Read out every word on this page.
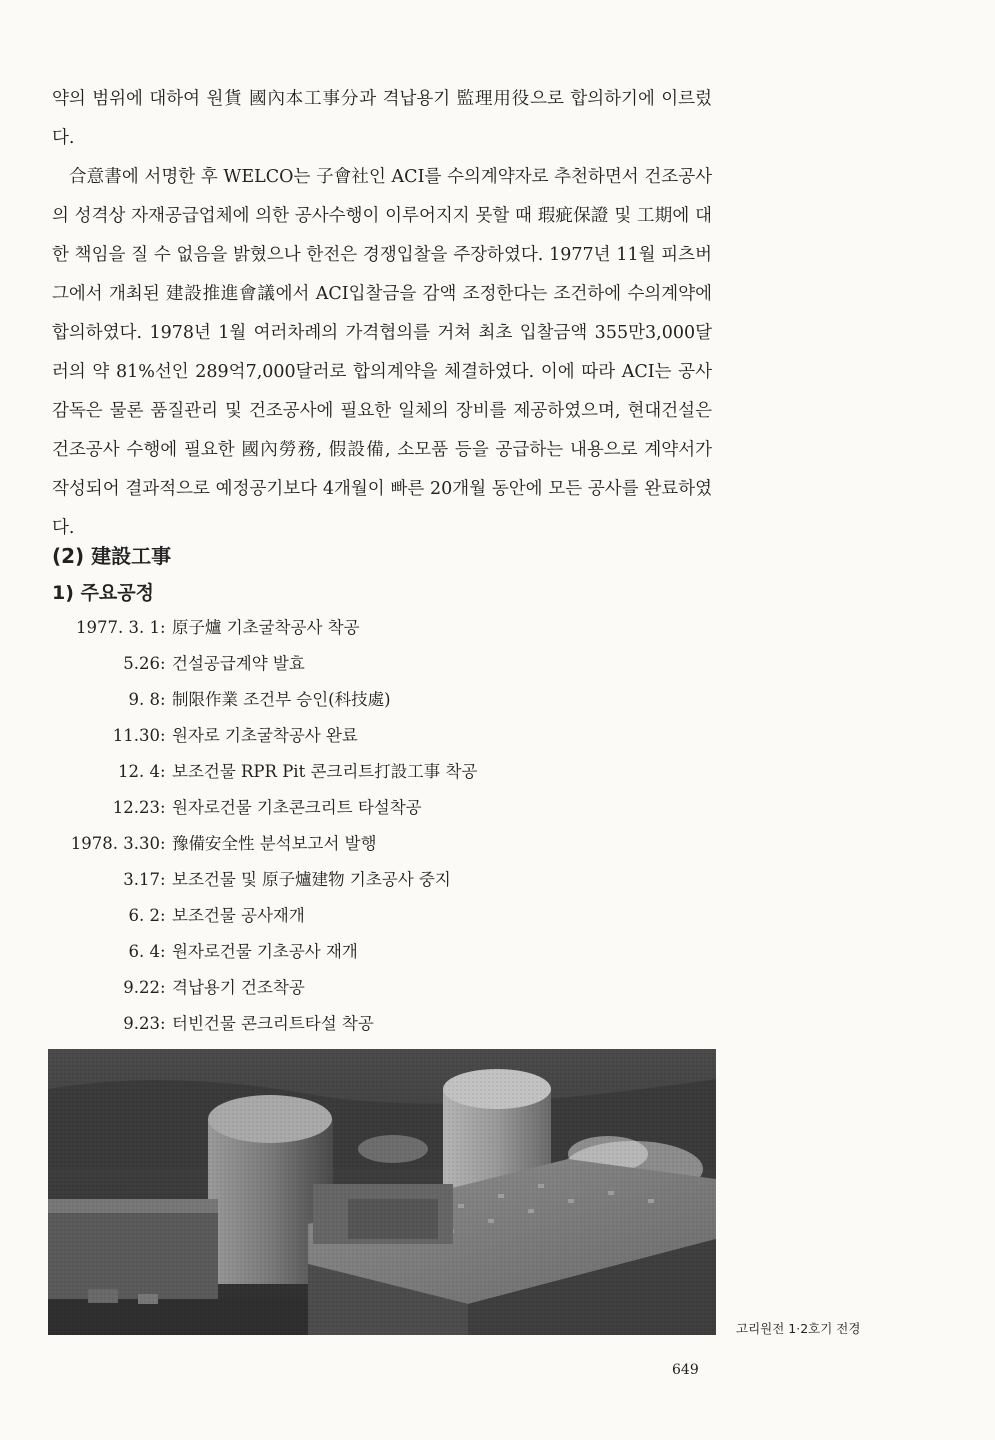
약의 범위에 대하여 원貨 國內本工事分과 격납용기 監理用役으로 합의하기에 이르렀다.

合意書에 서명한 후 WELCO는 子會社인 ACI를 수의계약자로 추천하면서 건조공사의 성격상 자재공급업체에 의한 공사수행이 이루어지지 못할 때 瑕疵保證 및 工期에 대한 책임을 질 수 없음을 밝혔으나 한전은 경쟁입찰을 주장하였다. 1977년 11월 피츠버그에서 개최된 建設推進會議에서 ACI입찰금을 감액 조정한다는 조건하에 수의계약에 합의하였다. 1978년 1월 여러차례의 가격협의를 거쳐 최초 입찰금액 355만3,000달러의 약 81%선인 289억7,000달러로 합의계약을 체결하였다. 이에 따라 ACI는 공사감독은 물론 품질관리 및 건조공사에 필요한 일체의 장비를 제공하였으며, 현대건설은 건조공사 수행에 필요한 國內勞務, 假設備, 소모품 등을 공급하는 내용으로 계약서가 작성되어 결과적으로 예정공기보다 4개월이 빠른 20개월 동안에 모든 공사를 완료하였다.

(2) 建設工事
1) 주요공정
1977. 3. 1 : 原子爐 기초굴착공사 착공
5.26 : 건설공급계약 발효
9. 8 : 制限作業 조건부 승인(科技處)
11.30 : 원자로 기초굴착공사 완료
12. 4 : 보조건물 RPR Pit 콘크리트打設工事 착공
12.23 : 원자로건물 기초콘크리트 타설착공
1978. 3.30 : 豫備安全性 분석보고서 발행
3.17 : 보조건물 및 原子爐建物 기초공사 중지
6. 2 : 보조건물 공사재개
6. 4 : 원자로건물 기초공사 재개
9.22 : 격납용기 건조착공
9.23 : 터빈건물 콘크리트타설 착공

고리원전 1·2호기 전경

649
